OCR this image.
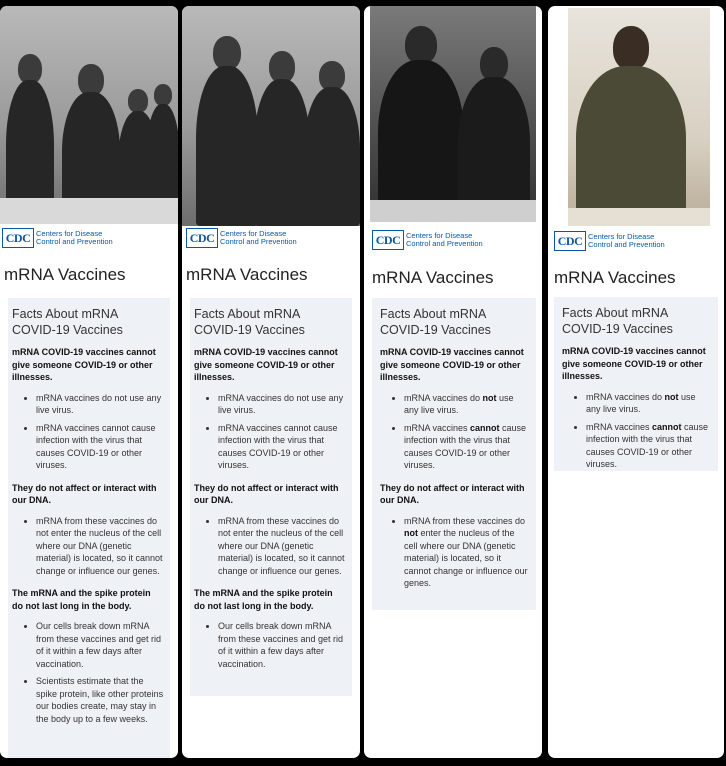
CDC Centers for Disease
Control and Prevention
mRNA Vaccines
Facts About mRNA COVID-19 Vaccines
mRNA COVID-19 vaccines cannot give someone COVID-19 or other illnesses.
• mRNA vaccines do not use any live virus.
• mRNA vaccines cannot cause infection with the virus that causes COVID-19 or other viruses.
They do not affect or interact with our DNA.
• mRNA from these vaccines do not enter the nucleus of the cell where our DNA (genetic material) is located, so it cannot change or influence our genes.
The mRNA and the spike protein do not last long in the body.
• Our cells break down mRNA from these vaccines and get rid of it within a few days after vaccination.
• Scientists estimate that the spike protein, like other proteins our bodies create, may stay in the body up to a few weeks.
CDC Centers for Disease
Control and Prevention
mRNA Vaccines
Facts About mRNA COVID-19 Vaccines
mRNA COVID-19 vaccines cannot give someone COVID-19 or other illnesses.
• mRNA vaccines do not use any live virus.
• mRNA vaccines cannot cause infection with the virus that causes COVID-19 or other viruses.
They do not affect or interact with our DNA.
• mRNA from these vaccines do not enter the nucleus of the cell where our DNA (genetic material) is located, so it cannot change or influence our genes.
The mRNA and the spike protein do not last long in the body.
• Our cells break down mRNA from these vaccines and get rid of it within a few days after vaccination.
CDC Centers for Disease
Control and Prevention
mRNA Vaccines
Facts About mRNA COVID-19 Vaccines
mRNA COVID-19 vaccines cannot give someone COVID-19 or other illnesses.
• mRNA vaccines do not use any live virus.
• mRNA vaccines cannot cause infection with the virus that causes COVID-19 or other viruses.
They do not affect or interact with our DNA.
• mRNA from these vaccines do not enter the nucleus of the cell where our DNA (genetic material) is located, so it cannot change or influence our genes.
CDC Centers for Disease
Control and Prevention
mRNA Vaccines
Facts About mRNA COVID-19 Vaccines
mRNA COVID-19 vaccines cannot give someone COVID-19 or other illnesses.
• mRNA vaccines do not use any live virus.
• mRNA vaccines cannot cause infection with the virus that causes COVID-19 or other viruses.
